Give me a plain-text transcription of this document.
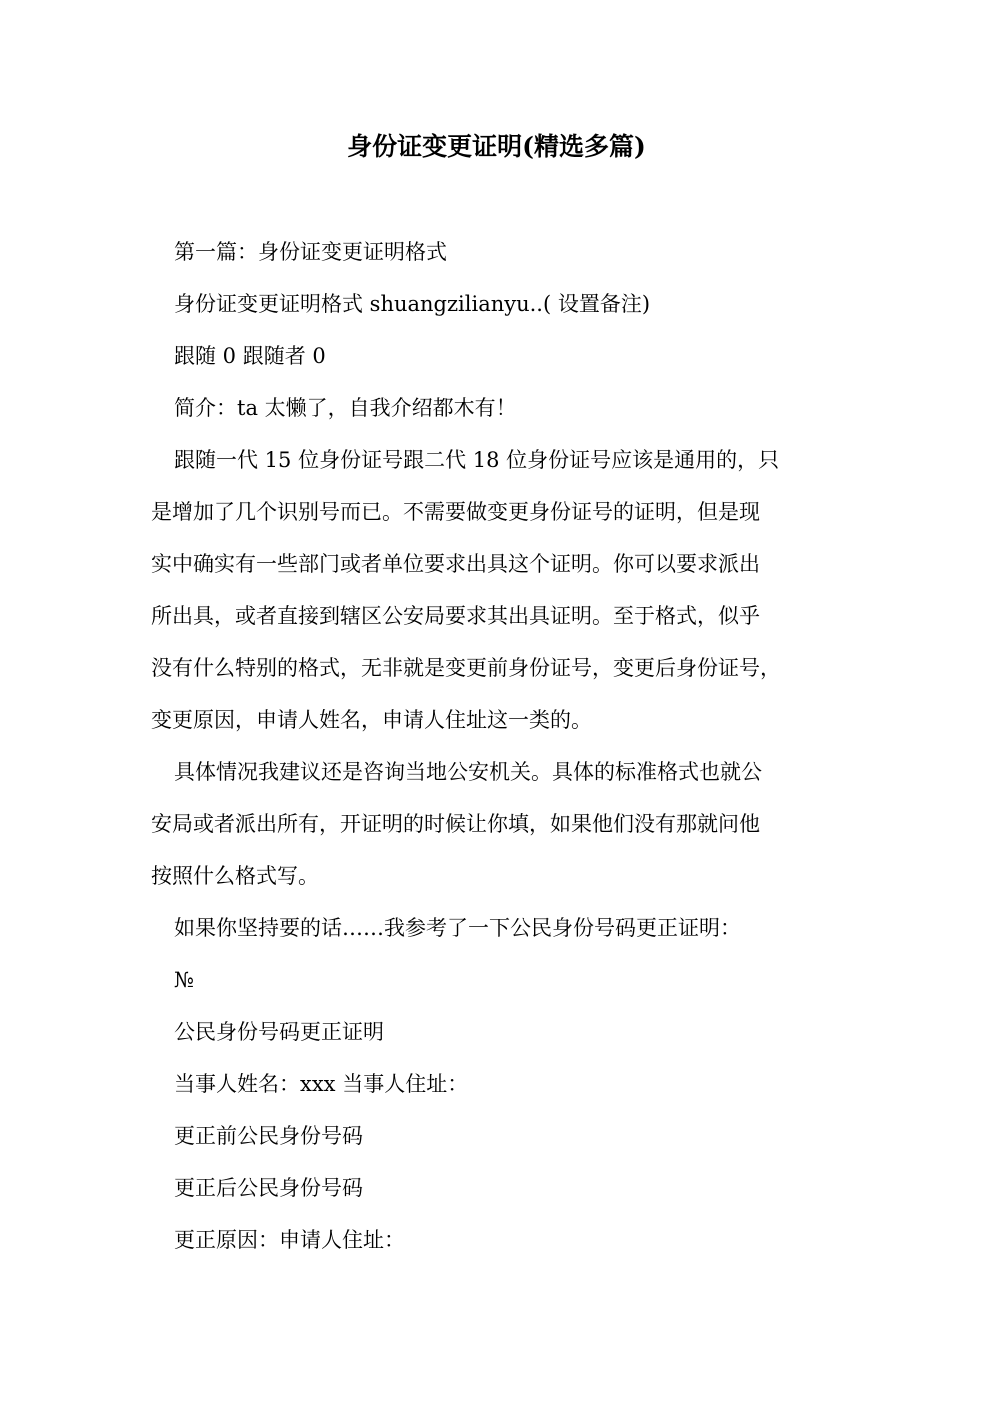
身份证变更证明(精选多篇)

第一篇：身份证变更证明格式

身份证变更证明格式 shuangzilianyu..( 设置备注)

跟随 0 跟随者 0

简介：ta 太懒了，自我介绍都木有！

跟随一代 15 位身份证号跟二代 18 位身份证号应该是通用的，只
是增加了几个识别号而已。不需要做变更身份证号的证明，但是现
实中确实有一些部门或者单位要求出具这个证明。你可以要求派出
所出具，或者直接到辖区公安局要求其出具证明。至于格式，似乎
没有什么特别的格式，无非就是变更前身份证号，变更后身份证号，
变更原因，申请人姓名，申请人住址这一类的。
具体情况我建议还是咨询当地公安机关。具体的标准格式也就公
安局或者派出所有，开证明的时候让你填，如果他们没有那就问他
按照什么格式写。

如果你坚持要的话……我参考了一下公民身份号码更正证明：

№

公民身份号码更正证明

当事人姓名：xxx 当事人住址：

更正前公民身份号码

更正后公民身份号码

更正原因：申请人住址：
